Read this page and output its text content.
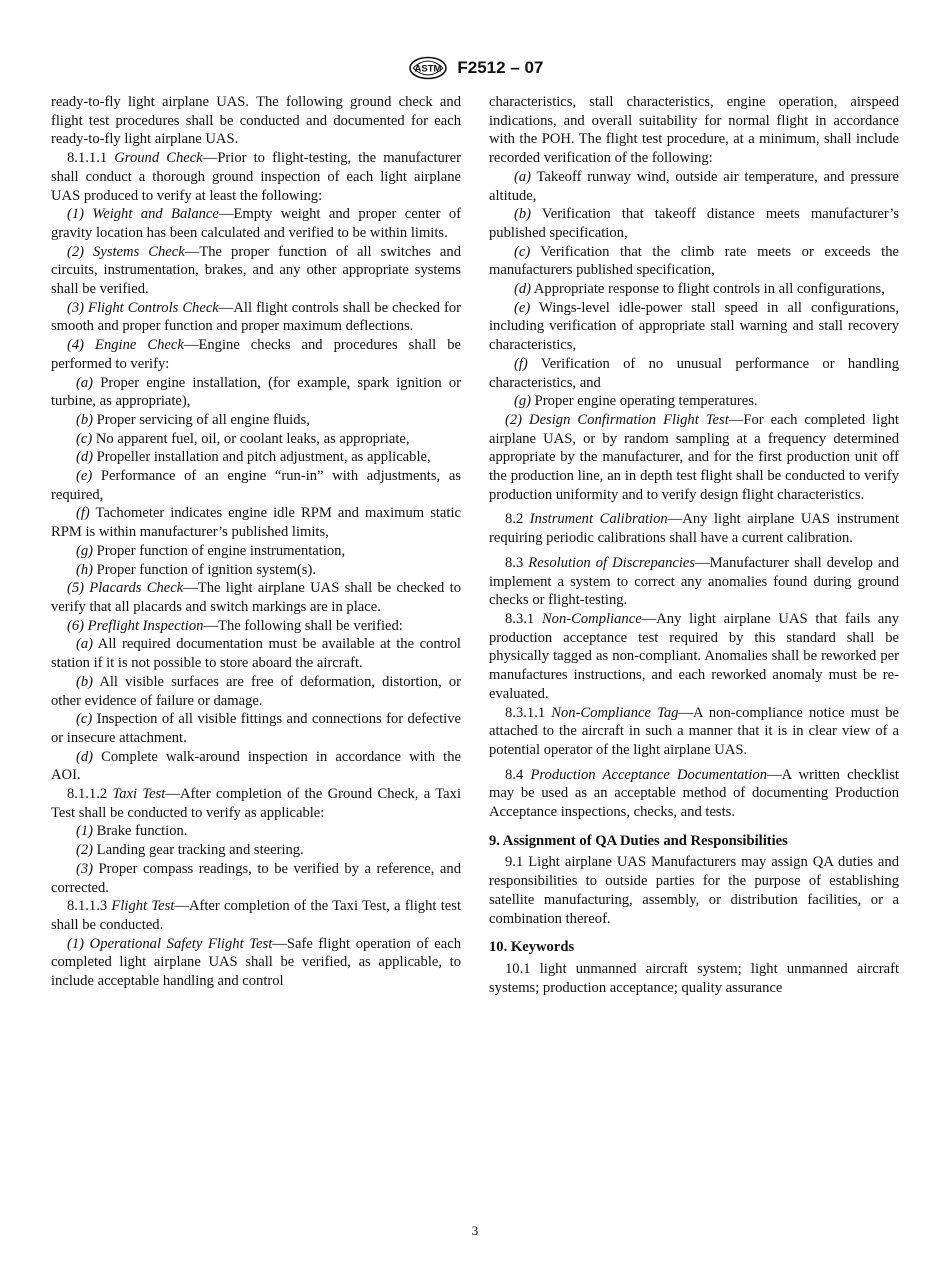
ASTM F2512 – 07

ready-to-fly light airplane UAS. The following ground check and flight test procedures shall be conducted and documented for each ready-to-fly light airplane UAS.

8.1.1.1 Ground Check—Prior to flight-testing, the manufacturer shall conduct a thorough ground inspection of each light airplane UAS produced to verify at least the following:

(1) Weight and Balance—Empty weight and proper center of gravity location has been calculated and verified to be within limits.

(2) Systems Check—The proper function of all switches and circuits, instrumentation, brakes, and any other appropriate systems shall be verified.

(3) Flight Controls Check—All flight controls shall be checked for smooth and proper function and proper maximum deflections.

(4) Engine Check—Engine checks and procedures shall be performed to verify:

(a) Proper engine installation, (for example, spark ignition or turbine, as appropriate),

(b) Proper servicing of all engine fluids,

(c) No apparent fuel, oil, or coolant leaks, as appropriate,

(d) Propeller installation and pitch adjustment, as applicable,

(e) Performance of an engine “run-in” with adjustments, as required,

(f) Tachometer indicates engine idle RPM and maximum static RPM is within manufacturer’s published limits,

(g) Proper function of engine instrumentation,

(h) Proper function of ignition system(s).

(5) Placards Check—The light airplane UAS shall be checked to verify that all placards and switch markings are in place.

(6) Preflight Inspection—The following shall be verified:

(a) All required documentation must be available at the control station if it is not possible to store aboard the aircraft.

(b) All visible surfaces are free of deformation, distortion, or other evidence of failure or damage.

(c) Inspection of all visible fittings and connections for defective or insecure attachment.

(d) Complete walk-around inspection in accordance with the AOI.

8.1.1.2 Taxi Test—After completion of the Ground Check, a Taxi Test shall be conducted to verify as applicable:

(1) Brake function.

(2) Landing gear tracking and steering.

(3) Proper compass readings, to be verified by a reference, and corrected.

8.1.1.3 Flight Test—After completion of the Taxi Test, a flight test shall be conducted.

(1) Operational Safety Flight Test—Safe flight operation of each completed light airplane UAS shall be verified, as applicable, to include acceptable handling and control

characteristics, stall characteristics, engine operation, airspeed indications, and overall suitability for normal flight in accordance with the POH. The flight test procedure, at a minimum, shall include recorded verification of the following:

(a) Takeoff runway wind, outside air temperature, and pressure altitude,

(b) Verification that takeoff distance meets manufacturer’s published specification,

(c) Verification that the climb rate meets or exceeds the manufacturers published specification,

(d) Appropriate response to flight controls in all configurations,

(e) Wings-level idle-power stall speed in all configurations, including verification of appropriate stall warning and stall recovery characteristics,

(f) Verification of no unusual performance or handling characteristics, and

(g) Proper engine operating temperatures.

(2) Design Confirmation Flight Test—For each completed light airplane UAS, or by random sampling at a frequency determined appropriate by the manufacturer, and for the first production unit off the production line, an in depth test flight shall be conducted to verify production uniformity and to verify design flight characteristics.

8.2 Instrument Calibration—Any light airplane UAS instrument requiring periodic calibrations shall have a current calibration.

8.3 Resolution of Discrepancies—Manufacturer shall develop and implement a system to correct any anomalies found during ground checks or flight-testing.

8.3.1 Non-Compliance—Any light airplane UAS that fails any production acceptance test required by this standard shall be physically tagged as non-compliant. Anomalies shall be reworked per manufactures instructions, and each reworked anomaly must be re-evaluated.

8.3.1.1 Non-Compliance Tag—A non-compliance notice must be attached to the aircraft in such a manner that it is in clear view of a potential operator of the light airplane UAS.

8.4 Production Acceptance Documentation—A written checklist may be used as an acceptable method of documenting Production Acceptance inspections, checks, and tests.

9. Assignment of QA Duties and Responsibilities

9.1 Light airplane UAS Manufacturers may assign QA duties and responsibilities to outside parties for the purpose of establishing satellite manufacturing, assembly, or distribution facilities, or a combination thereof.

10. Keywords

10.1 light unmanned aircraft system; light unmanned aircraft systems; production acceptance; quality assurance

3
